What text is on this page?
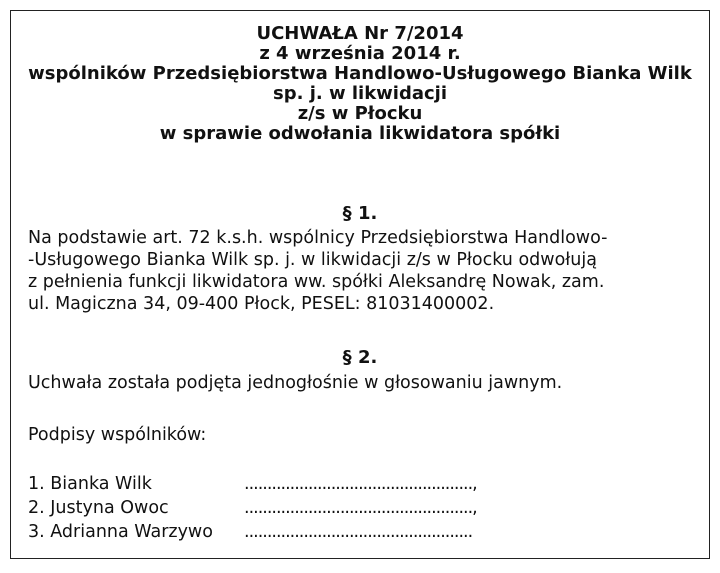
UCHWAŁA Nr 7/2014
z 4 września 2014 r.
wspólników Przedsiębiorstwa Handlowo-Usługowego Bianka Wilk
sp. j. w likwidacji
z/s w Płocku
w sprawie odwołania likwidatora spółki
§ 1.
Na podstawie art. 72 k.s.h. wspólnicy Przedsiębiorstwa Handlowo-
-Usługowego Bianka Wilk sp. j. w likwidacji z/s w Płocku odwołują
z pełnienia funkcji likwidatora ww. spółki Aleksandrę Nowak, zam.
ul. Magiczna 34, 09-400 Płock, PESEL: 81031400002.
§ 2.
Uchwała została podjęta jednogłośnie w głosowaniu jawnym.
Podpisy wspólników:
1. Bianka Wilk	..................................................,
2. Justyna Owoc	..................................................,
3. Adrianna Warzywo ..................................................
